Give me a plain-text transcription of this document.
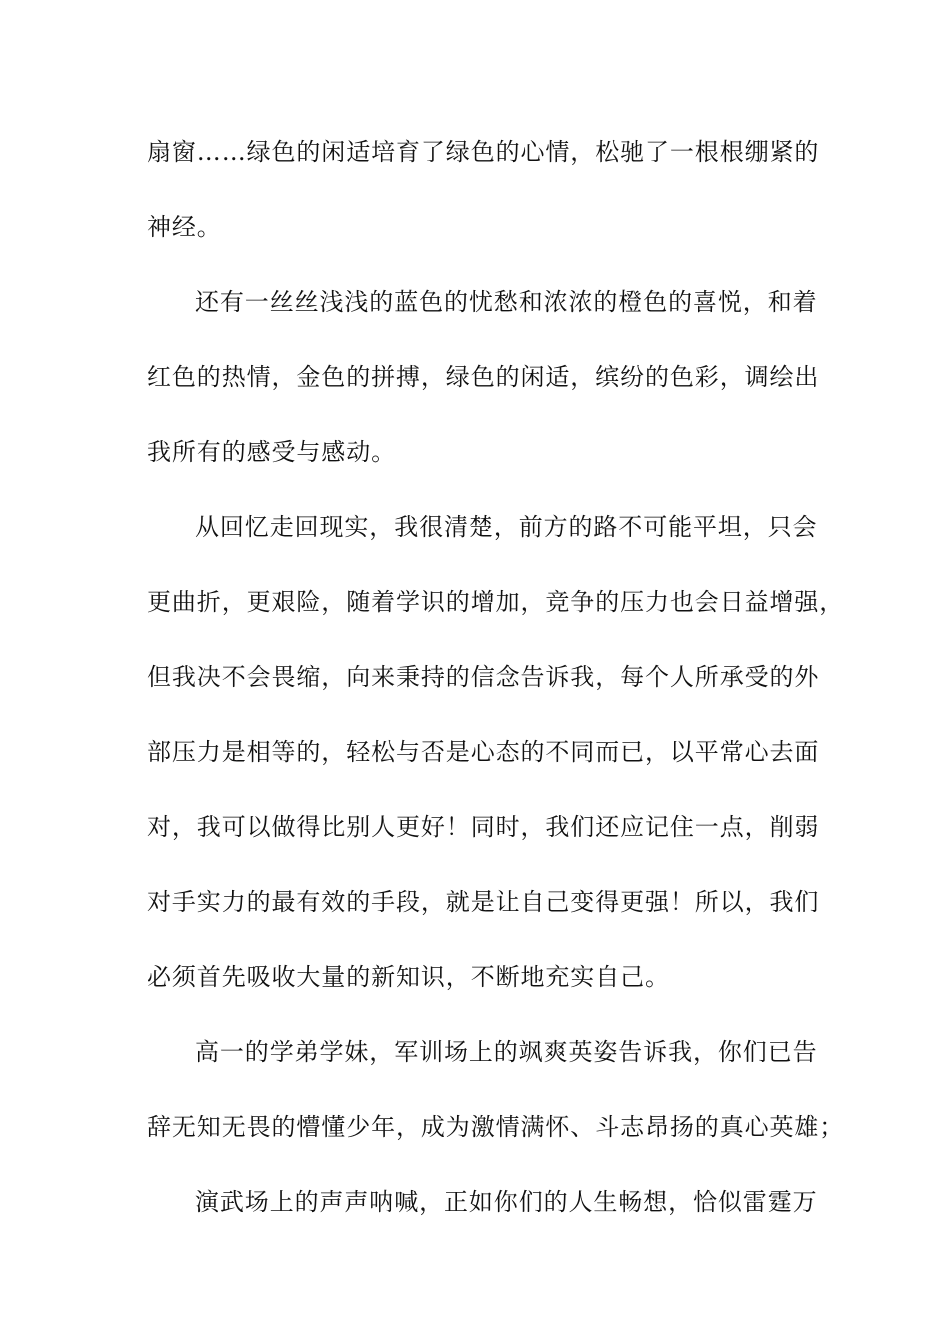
扇窗……绿色的闲适培育了绿色的心情，松驰了一根根绷紧的
神经。
还有一丝丝浅浅的蓝色的忧愁和浓浓的橙色的喜悦，和着
红色的热情，金色的拼搏，绿色的闲适，缤纷的色彩，调绘出
我所有的感受与感动。
从回忆走回现实，我很清楚，前方的路不可能平坦，只会
更曲折，更艰险，随着学识的增加，竞争的压力也会日益增强，
但我决不会畏缩，向来秉持的信念告诉我，每个人所承受的外
部压力是相等的，轻松与否是心态的不同而已，以平常心去面
对，我可以做得比别人更好！同时，我们还应记住一点，削弱
对手实力的最有效的手段，就是让自己变得更强！所以，我们
必须首先吸收大量的新知识，不断地充实自己。
高一的学弟学妹，军训场上的飒爽英姿告诉我，你们已告
辞无知无畏的懵懂少年，成为激情满怀、斗志昂扬的真心英雄；
演武场上的声声呐喊，正如你们的人生畅想，恰似雷霆万
